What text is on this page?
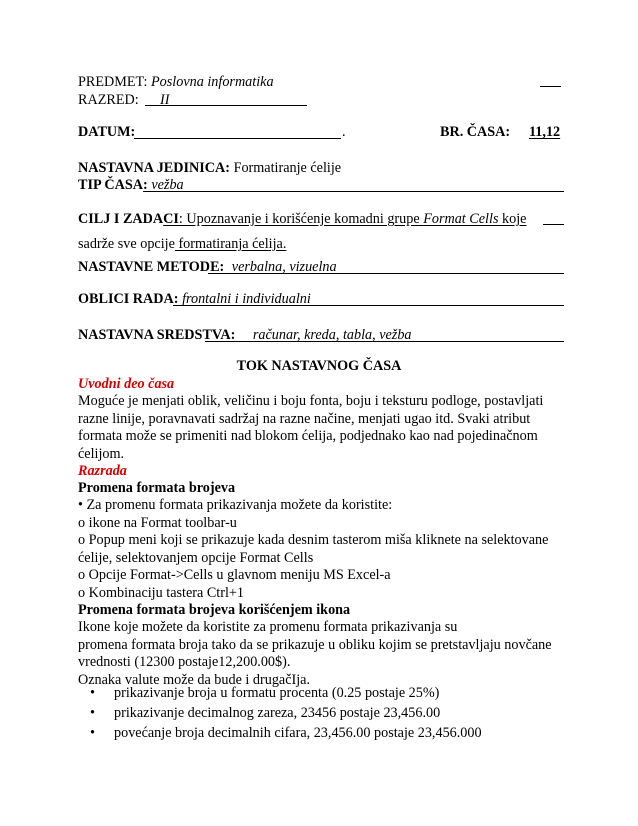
PREDMET: Poslovna informatika
RAZRED: II
DATUM:	.	BR. ČASA: 11,12
NASTAVNA JEDINICA: Formatiranje ćelije
TIP ČASA: vežba
CILJ I ZADACI: Upoznavanje i korišćenje komadni grupe Format Cells koje
sadrže sve opcije formatiranja ćelija.
NASTAVNE METODE: verbalna, vizuelna
OBLICI RADA: frontalni i individualni
NASTAVNA SREDSTVA: računar, kreda, tabla, vežba
TOK NASTAVNOG ČASA
Uvodni deo časa
Moguće je menjati oblik, veličinu i boju fonta, boju i teksturu podloge, postavljati razne linije, poravnavati sadržaj na razne načine, menjati ugao itd. Svaki atribut formata može se primeniti nad blokom ćelija, podjednako kao nad pojedinačnom ćelijom.
Razrada
Promena formata brojeva
• Za promenu formata prikazivanja možete da koristite:
o ikone na Format toolbar-u
o Popup meni koji se prikazuje kada desnim tasterom miša kliknete na selektovane ćelije, selektovanjem opcije Format Cells
o Opcije Format->Cells u glavnom meniju MS Excel-a
o Kombinaciju tastera Ctrl+1
Promena formata brojeva korišćenjem ikona
Ikone koje možete da koristite za promenu formata prikazivanja su
promena formata broja tako da se prikazuje u obliku kojim se pretstavljaju novčane vrednosti (12300 postaje12,200.00$).
Oznaka valute može da bude i drugačIja.
• prikazivanje broja u formatu procenta (0.25 postaje 25%)
• prikazivanje decimalnog zareza, 23456 postaje 23,456.00
• povećanje broja decimalnih cifara, 23,456.00 postaje 23,456.000
